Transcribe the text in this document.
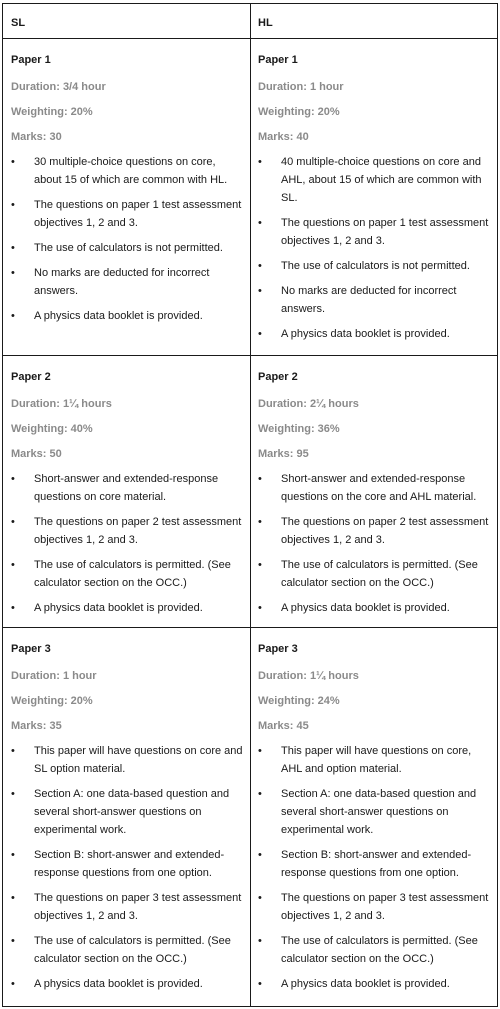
SL	HL
Paper 1
Duration: 3/4 hour
Weighting: 20%
Marks: 30
• 30 multiple-choice questions on core, about 15 of which are common with HL.
• The questions on paper 1 test assessment objectives 1, 2 and 3.
• The use of calculators is not permitted.
• No marks are deducted for incorrect answers.
• A physics data booklet is provided.
Paper 1
Duration: 1 hour
Weighting: 20%
Marks: 40
• 40 multiple-choice questions on core and AHL, about 15 of which are common with SL.
• The questions on paper 1 test assessment objectives 1, 2 and 3.
• The use of calculators is not permitted.
• No marks are deducted for incorrect answers.
• A physics data booklet is provided.
Paper 2
Duration: 1¼ hours
Weighting: 40%
Marks: 50
• Short-answer and extended-response questions on core material.
• The questions on paper 2 test assessment objectives 1, 2 and 3.
• The use of calculators is permitted. (See calculator section on the OCC.)
• A physics data booklet is provided.
Paper 2
Duration: 2¼ hours
Weighting: 36%
Marks: 95
• Short-answer and extended-response questions on the core and AHL material.
• The questions on paper 2 test assessment objectives 1, 2 and 3.
• The use of calculators is permitted. (See calculator section on the OCC.)
• A physics data booklet is provided.
Paper 3
Duration: 1 hour
Weighting: 20%
Marks: 35
• This paper will have questions on core and SL option material.
• Section A: one data-based question and several short-answer questions on experimental work.
• Section B: short-answer and extended-response questions from one option.
• The questions on paper 3 test assessment objectives 1, 2 and 3.
• The use of calculators is permitted. (See calculator section on the OCC.)
• A physics data booklet is provided.
Paper 3
Duration: 1¼ hours
Weighting: 24%
Marks: 45
• This paper will have questions on core, AHL and option material.
• Section A: one data-based question and several short-answer questions on experimental work.
• Section B: short-answer and extended-response questions from one option.
• The questions on paper 3 test assessment objectives 1, 2 and 3.
• The use of calculators is permitted. (See calculator section on the OCC.)
• A physics data booklet is provided.
